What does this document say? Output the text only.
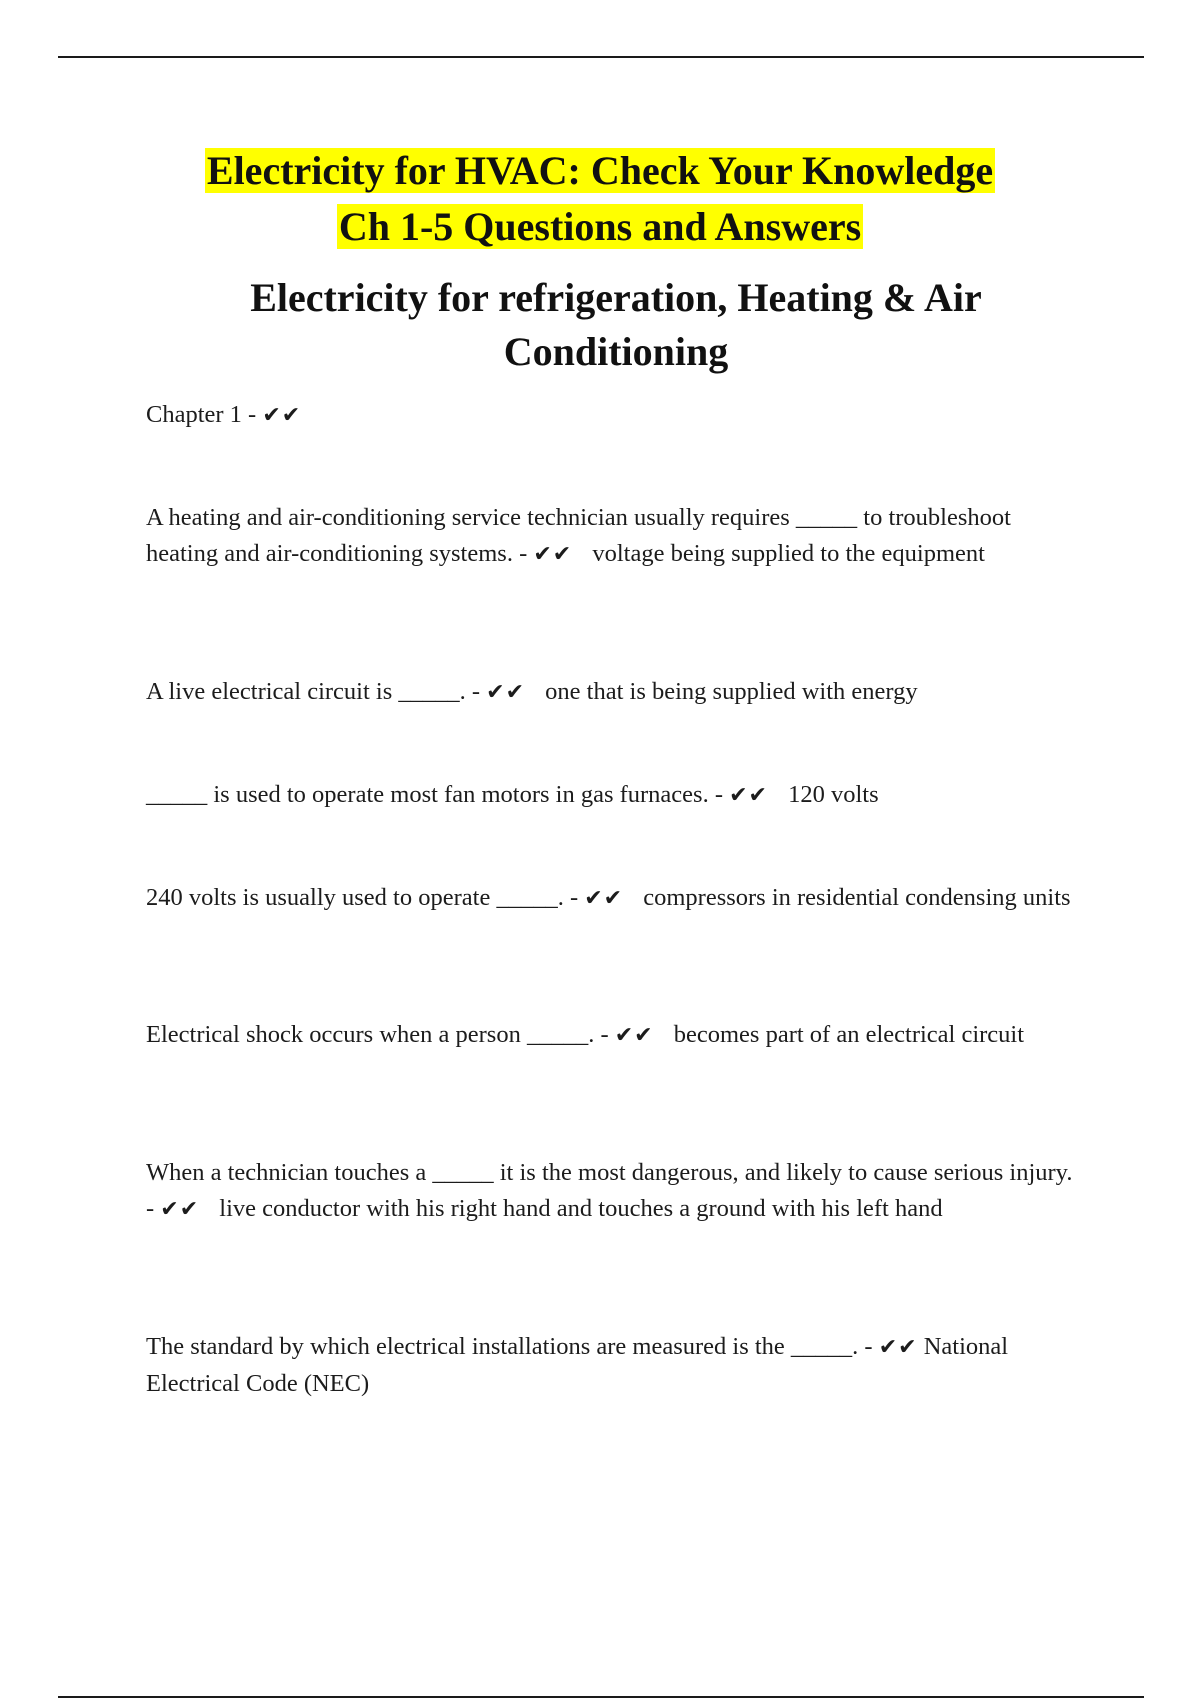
Electricity for HVAC: Check Your Knowledge
Ch 1-5 Questions and Answers
Electricity for refrigeration, Heating & Air Conditioning

Chapter 1 - ✔✔

A heating and air-conditioning service technician usually requires _____ to troubleshoot heating and air-conditioning systems. - ✔✔ voltage being supplied to the equipment

A live electrical circuit is _____. - ✔✔ one that is being supplied with energy

_____ is used to operate most fan motors in gas furnaces. - ✔✔ 120 volts

240 volts is usually used to operate _____. - ✔✔ compressors in residential condensing units

Electrical shock occurs when a person _____. - ✔✔ becomes part of an electrical circuit

When a technician touches a _____ it is the most dangerous, and likely to cause serious injury. - ✔✔ live conductor with his right hand and touches a ground with his left hand

The standard by which electrical installations are measured is the _____. - ✔✔ National Electrical Code (NEC)
